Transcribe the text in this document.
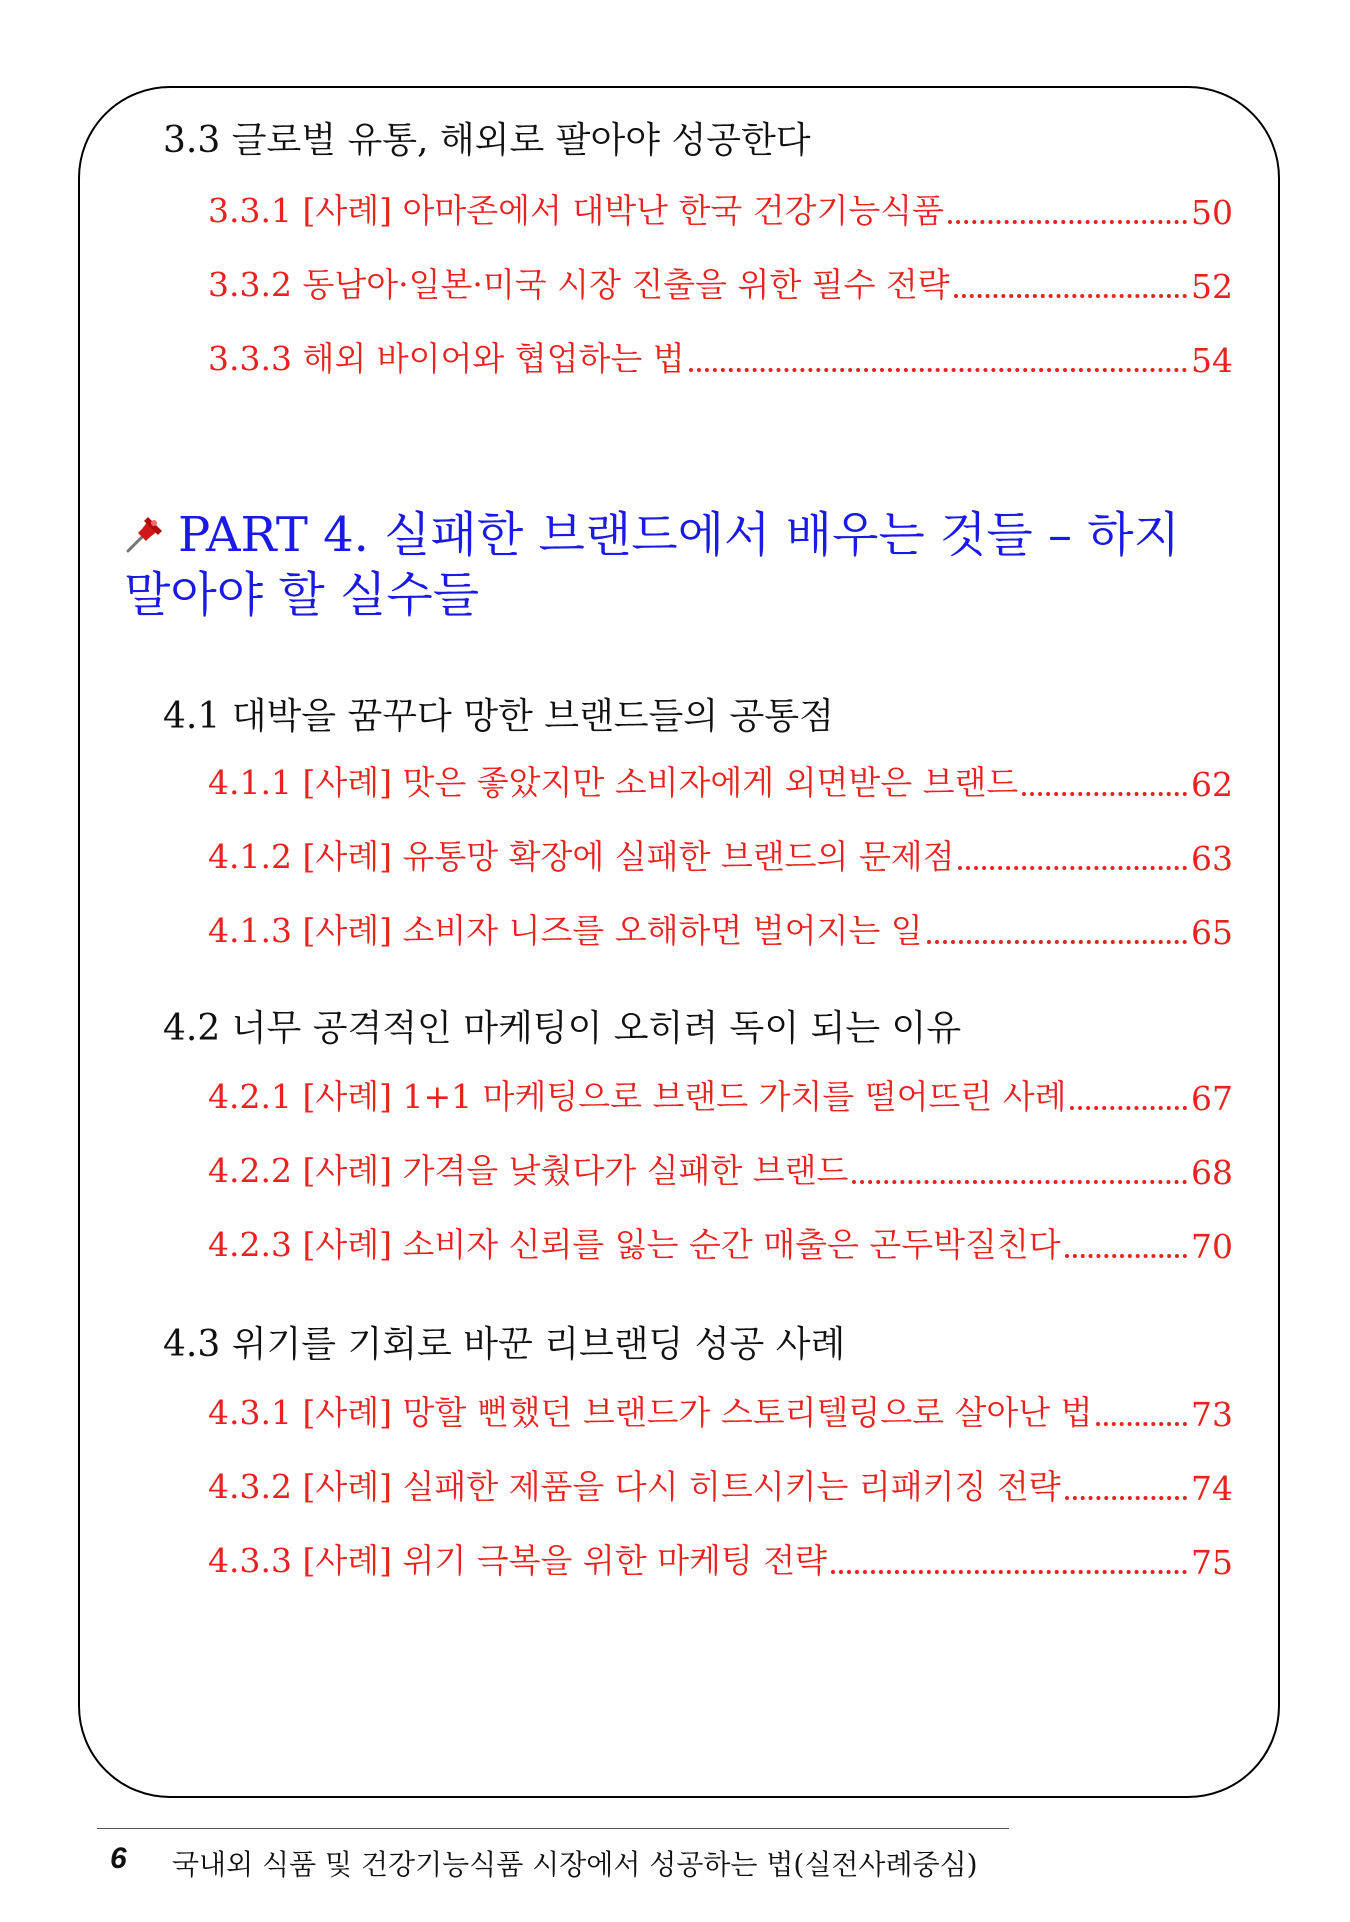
3.3 글로벌 유통, 해외로 팔아야 성공한다
3.3.1 [사례] 아마존에서 대박난 한국 건강기능식품	50
3.3.2 동남아·일본·미국 시장 진출을 위한 필수 전략	52
3.3.3 해외 바이어와 협업하는 법	54
PART 4. 실패한 브랜드에서 배우는 것들 – 하지
말아야 할 실수들
4.1 대박을 꿈꾸다 망한 브랜드들의 공통점
4.1.1 [사례] 맛은 좋았지만 소비자에게 외면받은 브랜드	62
4.1.2 [사례] 유통망 확장에 실패한 브랜드의 문제점	63
4.1.3 [사례] 소비자 니즈를 오해하면 벌어지는 일	65
4.2 너무 공격적인 마케팅이 오히려 독이 되는 이유
4.2.1 [사례] 1+1 마케팅으로 브랜드 가치를 떨어뜨린 사례	67
4.2.2 [사례] 가격을 낮췄다가 실패한 브랜드	68
4.2.3 [사례] 소비자 신뢰를 잃는 순간 매출은 곤두박질친다	70
4.3 위기를 기회로 바꾼 리브랜딩 성공 사례
4.3.1 [사례] 망할 뻔했던 브랜드가 스토리텔링으로 살아난 법	73
4.3.2 [사례] 실패한 제품을 다시 히트시키는 리패키징 전략	74
4.3.3 [사례] 위기 극복을 위한 마케팅 전략	75
6 국내외 식품 및 건강기능식품 시장에서 성공하는 법(실전사례중심)
